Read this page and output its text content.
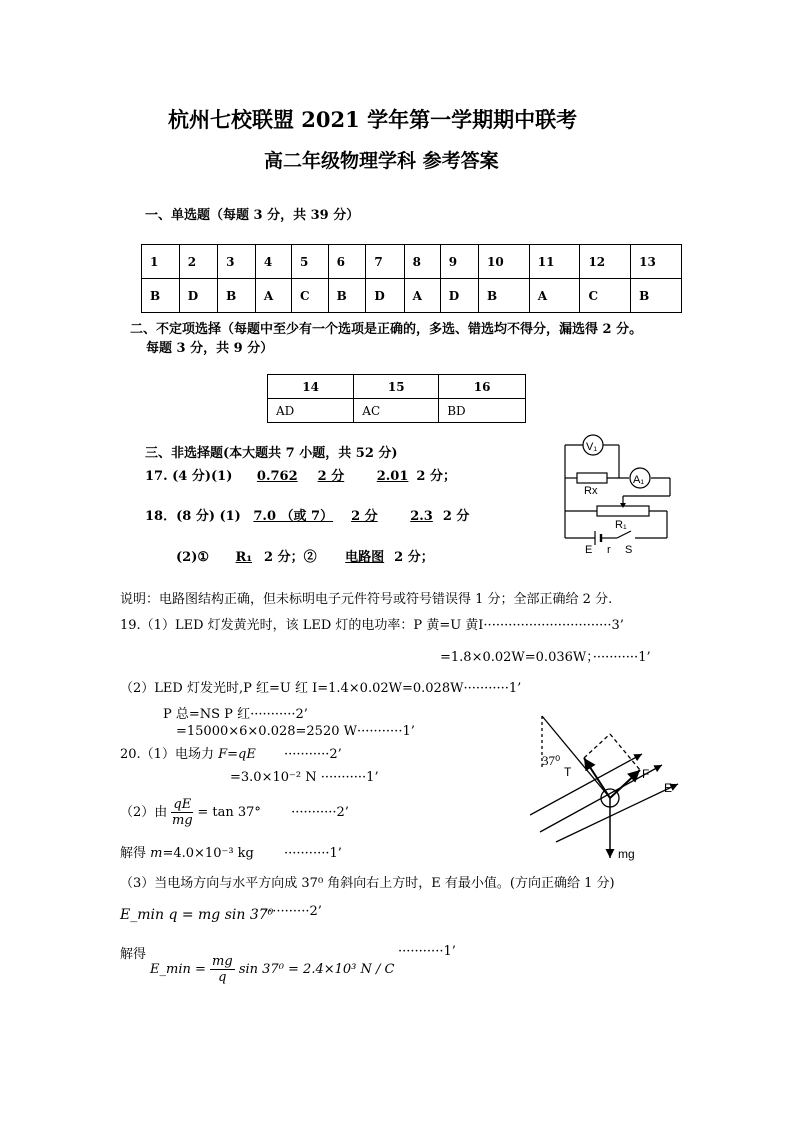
杭州七校联盟 2021 学年第一学期期中联考
高二年级物理学科 参考答案
一、单选题（每题 3 分，共 39 分）
1	2	3	4	5	6	7	8	9	10	11	12	13
B	D	B	A	C	B	D	A	D	B	A	C	B
二、不定项选择（每题中至少有一个选项是正确的，多选、错选均不得分，漏选得 2 分。
每题 3 分，共 9 分）
14	15	16
AD	AC	BD
三、非选择题(本大题共 7 小题，共 52 分)
17. (4 分)(1) 0.762 2 分	2.01 2 分；
18．(8 分) (1) 7.0 （或 7） 2 分	2.3 2 分
(2)① R₁ 2 分；② 电路图 2 分；
V₁
A₁
Rx
R₁
E r S
说明：电路图结构正确，但未标明电子元件符号或符号错误得 1 分；全部正确给 2 分.
19.（1）LED 灯发黄光时，该 LED 灯的电功率：P 黄=U 黄I·······························3’
=1.8×0.02W=0.036W；···········1’
（2）LED 灯发光时,P 红=U 红 I=1.4×0.02W=0.028W···········1’
P 总=NS P 红···········2’
=15000×6×0.028=2520 W···········1’
20.（1）电场力 F=qE ···········2’
=3.0×10⁻² N ···········1’
（2）由 $\frac{qE}{mg} = \tan 37^\circ \cdot\cdot\cdot\cdot\cdot\cdot\cdot\cdot\cdot\cdot\cdot 2$’
解得 m=4.0×10⁻³ kg ···········1’
（3）当电场方向与水平方向成 37⁰ 角斜向右上方时，E 有最小值。(方向正确给 1 分)
E_min q = mg sin 37⁰
···········2’
解得	···········1’
E_min = $\frac{mg}{q}$ sin 37⁰ = 2.4×10³ N / C
37⁰
T	F
E
mg
